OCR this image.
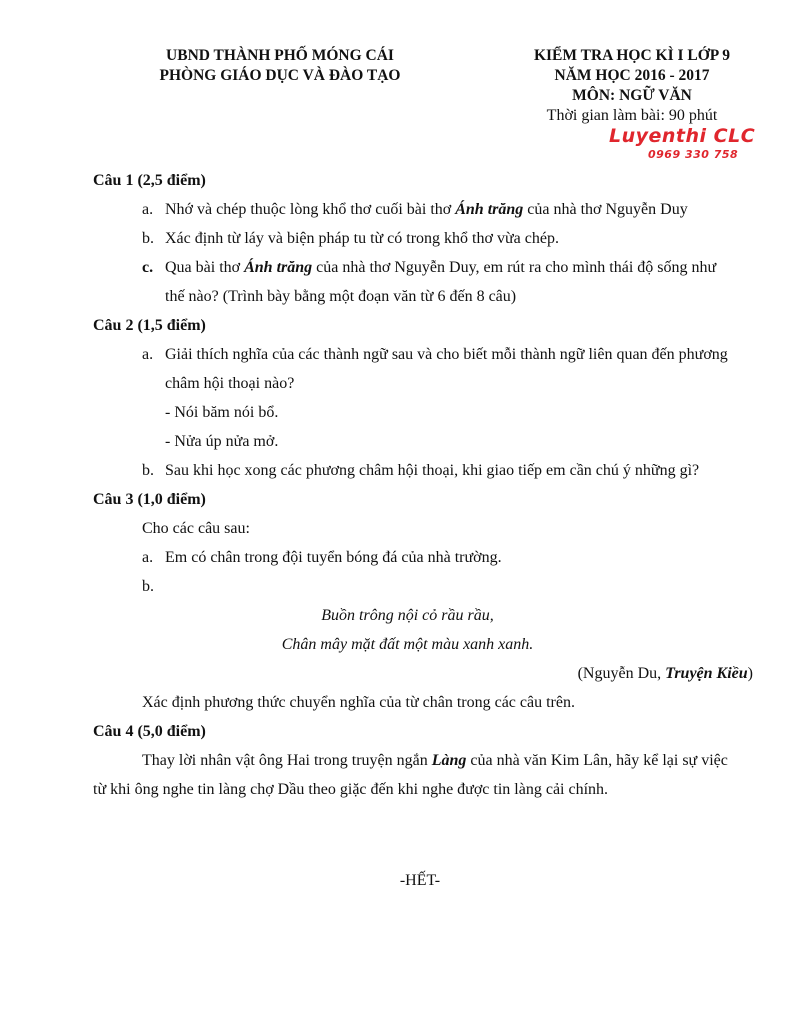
UBND THÀNH PHỐ MÓNG CÁI
PHÒNG GIÁO DỤC VÀ ĐÀO TẠO
KIỂM TRA HỌC KÌ I LỚP 9
NĂM HỌC 2016 - 2017
MÔN: NGỮ VĂN
Thời gian làm bài: 90 phút
Luyenthi CLC
0969 330 758
Câu 1 (2,5 điểm)
a. Nhớ và chép thuộc lòng khổ thơ cuối bài thơ Ánh trăng của nhà thơ Nguyễn Duy
b. Xác định từ láy và biện pháp tu từ có trong khổ thơ vừa chép.
c. Qua bài thơ Ánh trăng của nhà thơ Nguyễn Duy, em rút ra cho mình thái độ sống như
thế nào? (Trình bày bằng một đoạn văn từ 6 đến 8 câu)
Câu 2 (1,5 điểm)
a. Giải thích nghĩa của các thành ngữ sau và cho biết mỗi thành ngữ liên quan đến phương
châm hội thoại nào?
- Nói băm nói bổ.
- Nửa úp nửa mở.
b. Sau khi học xong các phương châm hội thoại, khi giao tiếp em cần chú ý những gì?
Câu 3 (1,0 điểm)
Cho các câu sau:
a. Em có chân trong đội tuyển bóng đá của nhà trường.
b.
Buồn trông nội cỏ rầu rầu,
Chân mây mặt đất một màu xanh xanh.
(Nguyễn Du, Truyện Kiều)
Xác định phương thức chuyển nghĩa của từ chân trong các câu trên.
Câu 4 (5,0 điểm)
Thay lời nhân vật ông Hai trong truyện ngắn Làng của nhà văn Kim Lân, hãy kể lại sự việc
từ khi ông nghe tin làng chợ Dầu theo giặc đến khi nghe được tin làng cải chính.
-HẾT-
